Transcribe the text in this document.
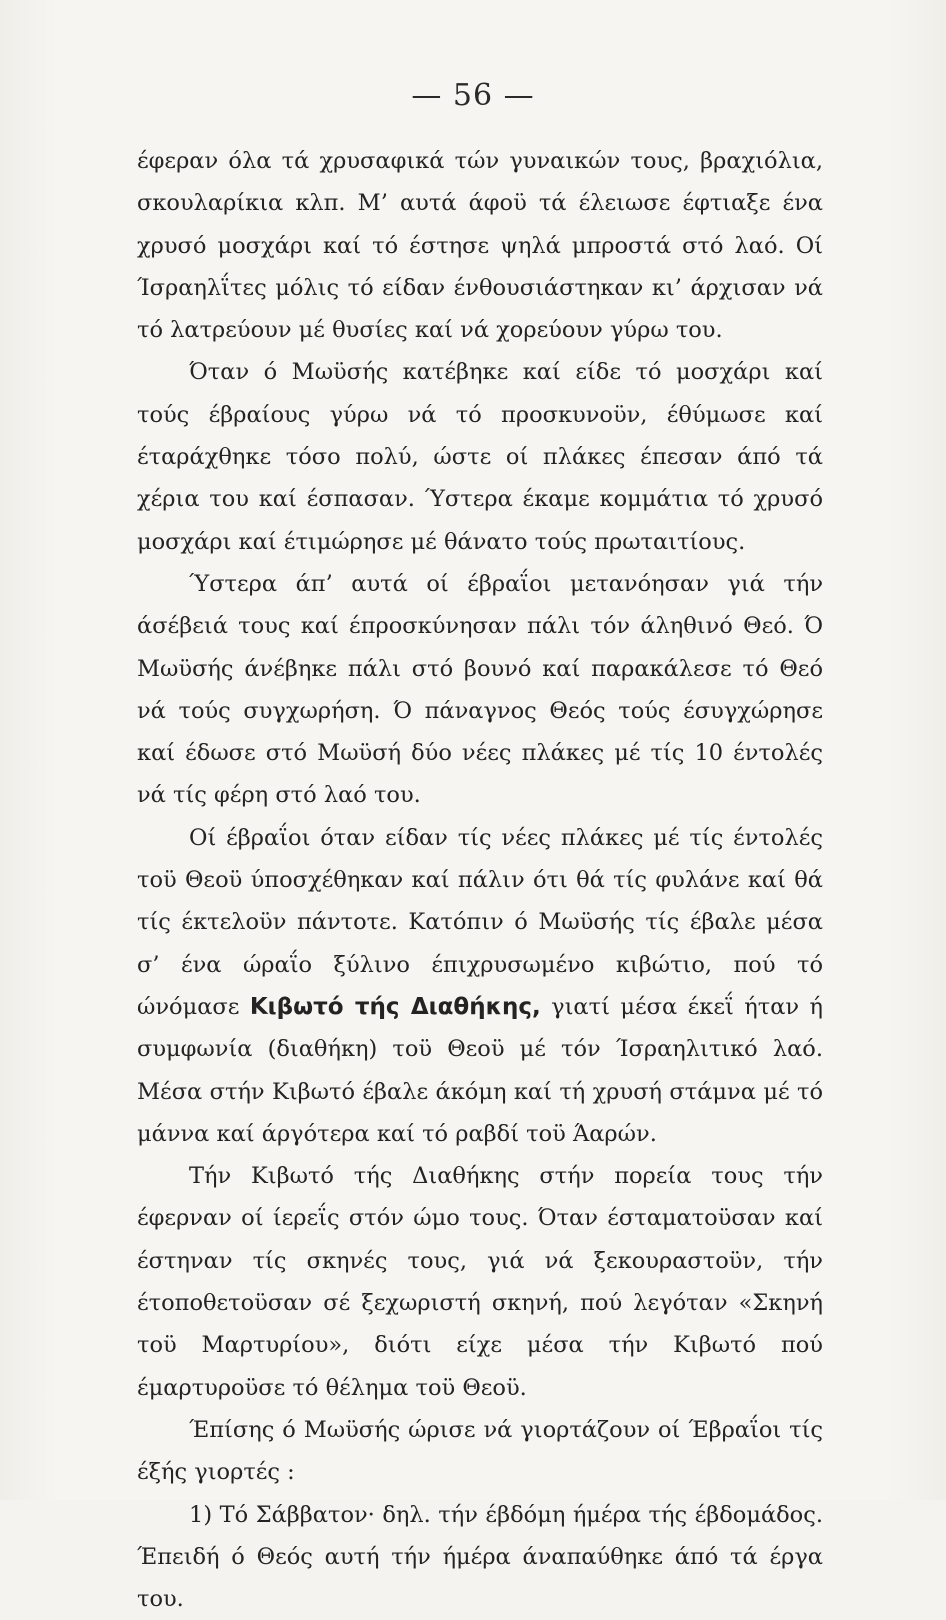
— 56 —

έφεραν όλα τά χρυσαφικά τών γυναικών τους, βραχιόλια, σκουλαρίκια κλπ. Μ’ αυτά άφοϋ τά έλειωσε έφτιαξε ένα χρυσό μοσχάρι καί τό έστησε ψηλά μπροστά στό λαό. Οί Ίσραηλΐτες μόλις τό είδαν ένθουσιάστηκαν κι’ άρχισαν νά τό λατρεύουν μέ θυσίες καί νά χορεύουν γύρω του.

Όταν ό Μωϋσής κατέβηκε καί είδε τό μοσχάρι καί τούς έβραίους γύρω νά τό προσκυνοϋν, έθύμωσε καί έταράχθηκε τόσο πολύ, ώστε οί πλάκες έπεσαν άπό τά χέρια του καί έσπασαν. Ύστερα έκαμε κομμάτια τό χρυσό μοσχάρι καί έτιμώρησε μέ θάνατο τούς πρωταιτίους.

Ύστερα άπ’ αυτά οί έβραΐοι μετανόησαν γιά τήν άσέβειά τους καί έπροσκύνησαν πάλι τόν άληθινό Θεό. Ό Μωϋσής άνέβηκε πάλι στό βουνό καί παρακάλεσε τό Θεό νά τούς συγχωρήση. Ό πάναγνος Θεός τούς έσυγχώρησε καί έδωσε στό Μωϋσή δύο νέες πλάκες μέ τίς 10 έντολές νά τίς φέρη στό λαό του.

Οί έβραΐοι όταν είδαν τίς νέες πλάκες μέ τίς έντολές τοϋ Θεοϋ ύποσχέθηκαν καί πάλιν ότι θά τίς φυλάνε καί θά τίς έκτελοϋν πάντοτε. Κατόπιν ό Μωϋσής τίς έβαλε μέσα σ’ ένα ώραΐο ξύλινο έπιχρυσωμένο κιβώτιο, πού τό ώνόμασε Κιβωτό τής Διαθήκης, γιατί μέσα έκεΐ ήταν ή συμφωνία (διαθήκη) τοϋ Θεοϋ μέ τόν Ίσραηλιτικό λαό. Μέσα στήν Κιβωτό έβαλε άκόμη καί τή χρυσή στάμνα μέ τό μάννα καί άργότερα καί τό ραβδί τοϋ Άαρών.

Τήν Κιβωτό τής Διαθήκης στήν πορεία τους τήν έφερναν οί ίερεΐς στόν ώμο τους. Όταν έσταματοϋσαν καί έστηναν τίς σκηνές τους, γιά νά ξεκουραστοϋν, τήν έτοποθετοϋσαν σέ ξεχωριστή σκηνή, πού λεγόταν «Σκηνή τοϋ Μαρτυρίου», διότι είχε μέσα τήν Κιβωτό πού έμαρτυροϋσε τό θέλημα τοϋ Θεοϋ.

Έπίσης ό Μωϋσής ώρισε νά γιορτάζουν οί Έβραΐοι τίς έξής γιορτές :

1) Τό Σάββατον· δηλ. τήν έβδόμη ήμέρα τής έβδομάδος. Έπειδή ό Θεός αυτή τήν ήμέρα άναπαύθηκε άπό τά έργα του.
